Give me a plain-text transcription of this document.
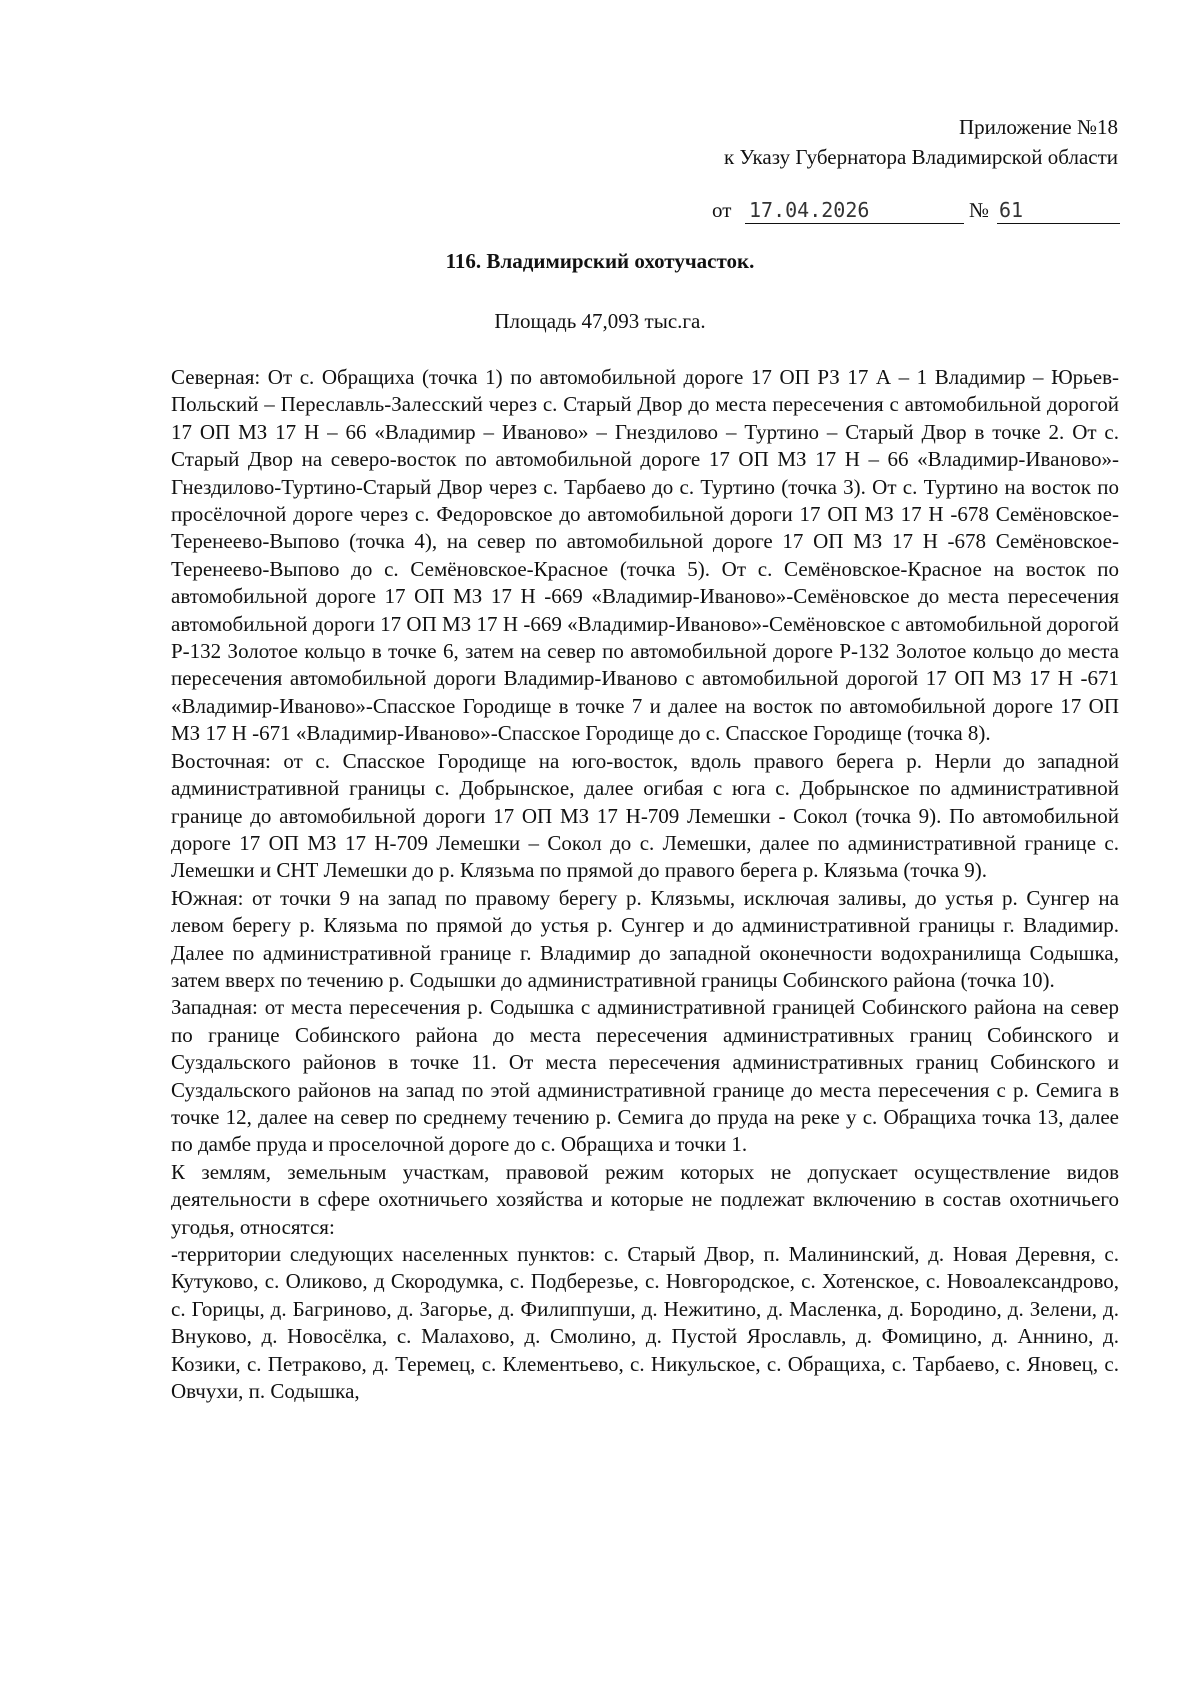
Приложение №18
к Указу Губернатора Владимирской области
от 17.04.2026	№ 61
116. Владимирский охотучасток.
Площадь 47,093 тыс.га.

Северная: От с. Обращиха (точка 1) по автомобильной дороге 17 ОП РЗ 17 А – 1 Владимир – Юрьев-Польский – Переславль-Залесский через с. Старый Двор до места пересечения с автомобильной дорогой 17 ОП МЗ 17 Н – 66 «Владимир – Иваново» – Гнездилово – Туртино – Старый Двор в точке 2. От с. Старый Двор на северо-восток по автомобильной дороге 17 ОП МЗ 17 Н – 66 «Владимир-Иваново»-Гнездилово-Туртино-Старый Двор через с. Тарбаево до с. Туртино (точка 3). От с. Туртино на восток по просёлочной дороге через с. Федоровское до автомобильной дороги 17 ОП МЗ 17 Н -678 Семёновское-Теренеево-Выпово (точка 4), на север по автомобильной дороге 17 ОП МЗ 17 Н -678 Семёновское-Теренеево-Выпово до с. Семёновское-Красное (точка 5). От с. Семёновское-Красное на восток по автомобильной дороге 17 ОП МЗ 17 Н -669 «Владимир-Иваново»-Семёновское до места пересечения автомобильной дороги 17 ОП МЗ 17 Н -669 «Владимир-Иваново»-Семёновское с автомобильной дорогой Р-132 Золотое кольцо в точке 6, затем на север по автомобильной дороге Р-132 Золотое кольцо до места пересечения автомобильной дороги Владимир-Иваново с автомобильной дорогой 17 ОП МЗ 17 Н -671 «Владимир-Иваново»-Спасское Городище в точке 7 и далее на восток по автомобильной дороге 17 ОП МЗ 17 Н -671 «Владимир-Иваново»-Спасское Городище до с. Спасское Городище (точка 8).

Восточная: от с. Спасское Городище на юго-восток, вдоль правого берега р. Нерли до западной административной границы с. Добрынское, далее огибая с юга с. Добрынское по административной границе до автомобильной дороги 17 ОП МЗ 17 Н-709 Лемешки - Сокол (точка 9). По автомобильной дороге 17 ОП МЗ 17 Н-709 Лемешки – Сокол до с. Лемешки, далее по административной границе с. Лемешки и СНТ Лемешки до р. Клязьма по прямой до правого берега р. Клязьма (точка 9).

Южная: от точки 9 на запад по правому берегу р. Клязьмы, исключая заливы, до устья р. Сунгер на левом берегу р. Клязьма по прямой до устья р. Сунгер и до административной границы г. Владимир. Далее по административной границе г. Владимир до западной оконечности водохранилища Содышка, затем вверх по течению р. Содышки до административной границы Собинского района (точка 10).

Западная: от места пересечения р. Содышка с административной границей Собинского района на север по границе Собинского района до места пересечения административных границ Собинского и Суздальского районов в точке 11. От места пересечения административных границ Собинского и Суздальского районов на запад по этой административной границе до места пересечения с р. Семига в точке 12, далее на север по среднему течению р. Семига до пруда на реке у с. Обращиха точка 13, далее по дамбе пруда и проселочной дороге до с. Обращиха и точки 1.

К землям, земельным участкам, правовой режим которых не допускает осуществление видов деятельности в сфере охотничьего хозяйства и которые не подлежат включению в состав охотничьего угодья, относятся:

-территории следующих населенных пунктов: с. Старый Двор, п. Малининский, д. Новая Деревня, с. Кутуково, с. Оликово, д Скородумка, с. Подберезье, с. Новгородское, с. Хотенское, с. Новоалександрово, с. Горицы, д. Багриново, д. Загорье, д. Филиппуши, д. Нежитино, д. Масленка, д. Бородино, д. Зелени, д. Внуково, д. Новосёлка, с. Малахово, д. Смолино, д. Пустой Ярославль, д. Фомицино, д. Аннино, д. Козики, с. Петраково, д. Теремец, с. Клементьево, с. Никульское, с. Обращиха, с. Тарбаево, с. Яновец, с. Овчухи, п. Содышка,
